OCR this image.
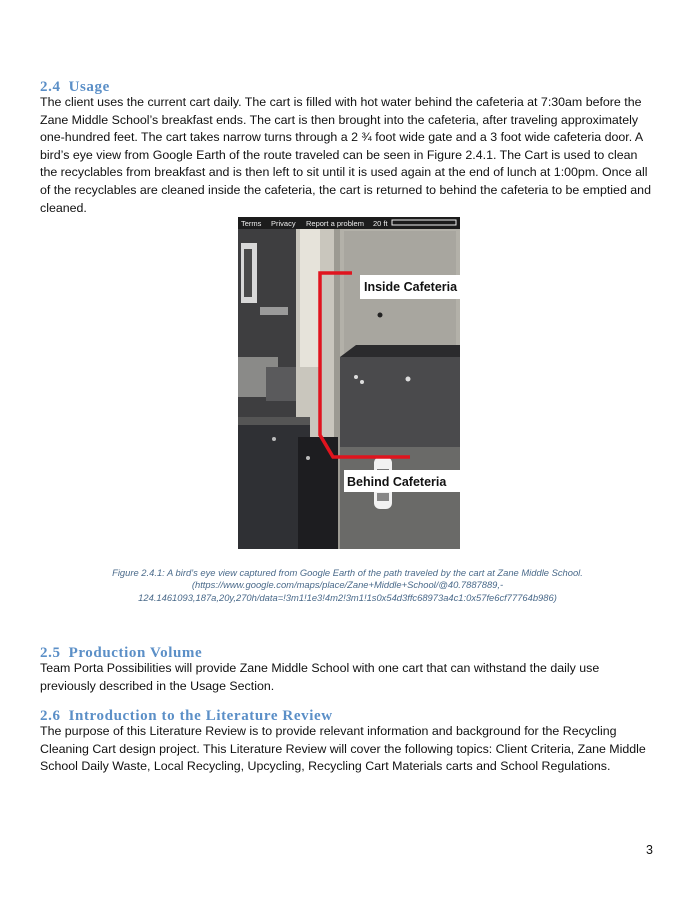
2.4 Usage

The client uses the current cart daily. The cart is filled with hot water behind the cafeteria at 7:30am before the Zane Middle School’s breakfast ends. The cart is then brought into the cafeteria, after traveling approximately one-hundred feet. The cart takes narrow turns through a 2 ¾ foot wide gate and a 3 foot wide cafeteria door. A bird’s eye view from Google Earth of the route traveled can be seen in Figure 2.4.1. The Cart is used to clean the recyclables from breakfast and is then left to sit until it is used again at the end of lunch at 1:00pm. Once all of the recyclables are cleaned inside the cafeteria, the cart is returned to behind the cafeteria to be emptied and cleaned.

Terms Privacy Report a problem 20 ft
Inside Cafeteria
Behind Cafeteria
Figure 2.4.1: A bird’s eye view captured from Google Earth of the path traveled by the cart at Zane Middle School.
(https://www.google.com/maps/place/Zane+Middle+School/@40.7887889,-
124.1461093,187a,20y,270h/data=!3m1!1e3!4m2!3m1!1s0x54d3ffc68973a4c1:0x57fe6cf77764b986)
2.5 Production Volume

Team Porta Possibilities will provide Zane Middle School with one cart that can withstand the daily use previously described in the Usage Section.

2.6 Introduction to the Literature Review

The purpose of this Literature Review is to provide relevant information and background for the Recycling Cleaning Cart design project. This Literature Review will cover the following topics: Client Criteria, Zane Middle School Daily Waste, Local Recycling, Upcycling, Recycling Cart Materials carts and School Regulations.

3
